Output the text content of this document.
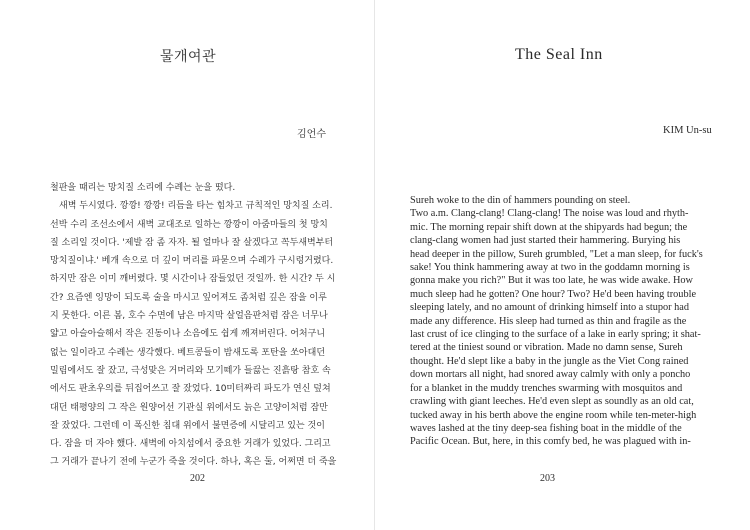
물개여관
김언수
철판을 때리는 망치질 소리에 수례는 눈을 떴다.
　새벽 두시였다. 깡깡! 깡깡! 리듬을 타는 힘차고 규칙적인 망치질 소리.
선박 수리 조선소에서 새벽 교대조로 일하는 깡깡이 아줌마들의 첫 망치
질 소리일 것이다. '제발 잠 좀 자자. 될 얼마나 잘 살겠다고 꼭두새벽부터
망치질이냐.' 베개 속으로 더 깊이 머리를 파묻으며 수례가 구시렁거렸다.
하지만 잠은 이미 깨버렸다. 몇 시간이나 잠들었던 것일까. 한 시간? 두 시
간? 요즘엔 잉망이 되도록 술을 마시고 잎어져도 좀처럼 깊은 잠을 이루
지 못한다. 이른 봄, 호수 수면에 남은 마지막 살얼음판처럼 잠은 너무나
얇고 아슬아슬해서 작은 진동이나 소음에도 쉽게 깨져버린다. 어처구니
없는 일이라고 수례는 생각했다. 베트콩들이 밤새도록 포탄을 쏘아대던
밀림에서도 잘 잤고, 극성맞은 거머리와 모기떼가 들끓는 진흙탕 참호 속
에서도 판초우의를 뒤집어쓰고 잘 잤었다. 10미터짜리 파도가 연신 덮쳐
대던 태평양의 그 작은 원양어선 기관실 위에서도 늙은 고양이처럼 잠만
잘 잤었다. 그런데 이 폭신한 침대 위에서 불면증에 시달리고 있는 것이
다. 잠을 더 자야 했다. 새벽에 아치섬에서 중요한 거래가 있었다. 그리고
그 거래가 끝나기 전에 누군가 죽을 것이다. 하나, 혹은 둘, 어쩌면 더 죽을
202
The Seal Inn
KIM Un-su
Sureh woke to the din of hammers pounding on steel.
Two a.m. Clang-clang! Clang-clang! The noise was loud and rhyth-
mic. The morning repair shift down at the shipyards had begun; the
clang-clang women had just started their hammering. Burying his
head deeper in the pillow, Sureh grumbled, "Let a man sleep, for fuck's
sake! You think hammering away at two in the goddamn morning is
gonna make you rich?" But it was too late, he was wide awake. How
much sleep had he gotten? One hour? Two? He'd been having trouble
sleeping lately, and no amount of drinking himself into a stupor had
made any difference. His sleep had turned as thin and fragile as the
last crust of ice clinging to the surface of a lake in early spring; it shat-
tered at the tiniest sound or vibration. Made no damn sense, Sureh
thought. He'd slept like a baby in the jungle as the Viet Cong rained
down mortars all night, had snored away calmly with only a poncho
for a blanket in the muddy trenches swarming with mosquitos and
crawling with giant leeches. He'd even slept as soundly as an old cat,
tucked away in his berth above the engine room while ten-meter-high
waves lashed at the tiny deep-sea fishing boat in the middle of the
Pacific Ocean. But, here, in this comfy bed, he was plagued with in-
203
